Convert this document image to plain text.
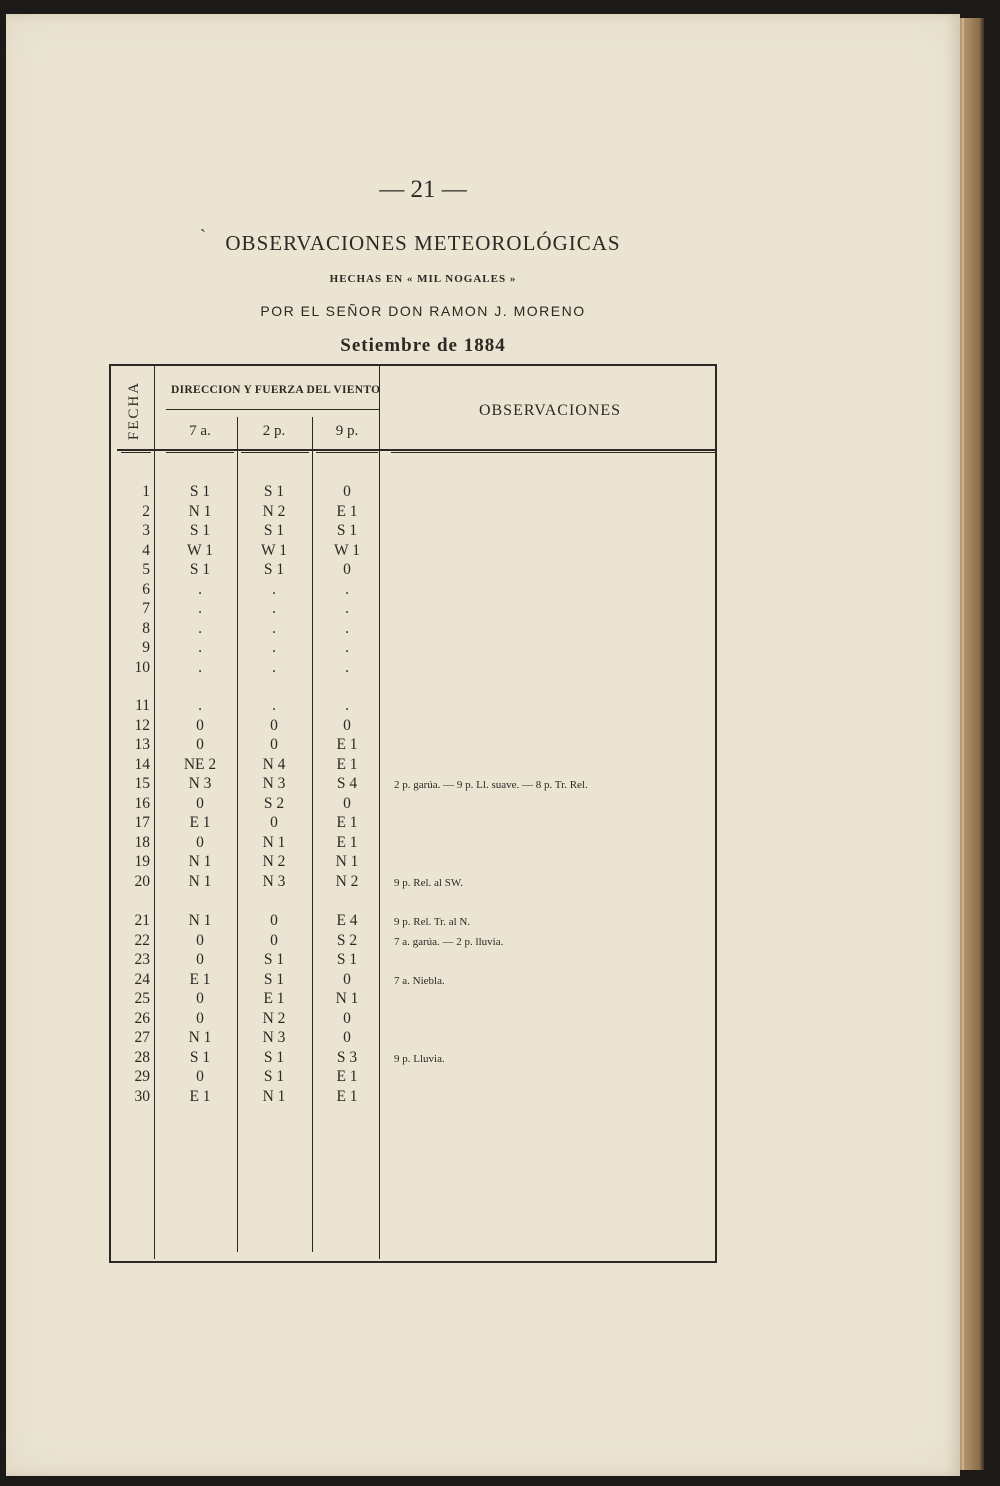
— 21 —
` OBSERVACIONES METEOROLÓGICAS
HECHAS EN « MIL NOGALES »
POR EL SEÑOR DON RAMON J. MORENO
Setiembre de 1884
FECHA DIRECCION Y FUERZA DEL VIENTO
OBSERVACIONES
7 a.	2 p.	9 p.
1	S 1	S 1	0
2	N 1	N 2	E 1
3	S 1	S 1	S 1
4	W 1	W 1	W 1
5	S 1	S 1	0
6	.	.	.
7	.	.	.
8	.	.	.
9	.	.	.
10	.	.	.
11	.	.	.
12	0	0	0
13	0	0	E 1
14	NE 2	N 4	E 1
15	N 3	N 3	S 4	2 p. garúa. — 9 p. Ll. suave. — 8 p. Tr. Rel.
16	0	S 2	0
17	E 1	0	E 1
18	0	N 1	E 1
19	N 1	N 2	N 1
20	N 1	N 3	N 2	9 p. Rel. al SW.
21	N 1	0	E 4	9 p. Rel. Tr. al N.
22	0	0	S 2	7 a. garúa. — 2 p. lluvia.
23	0	S 1	S 1
24	E 1	S 1	0	7 a. Niebla.
25	0	E 1	N 1
26	0	N 2	0
27	N 1	N 3	0
28	S 1	S 1	S 3	9 p. Lluvia.
29	0	S 1	E 1
30	E 1	N 1	E 1
